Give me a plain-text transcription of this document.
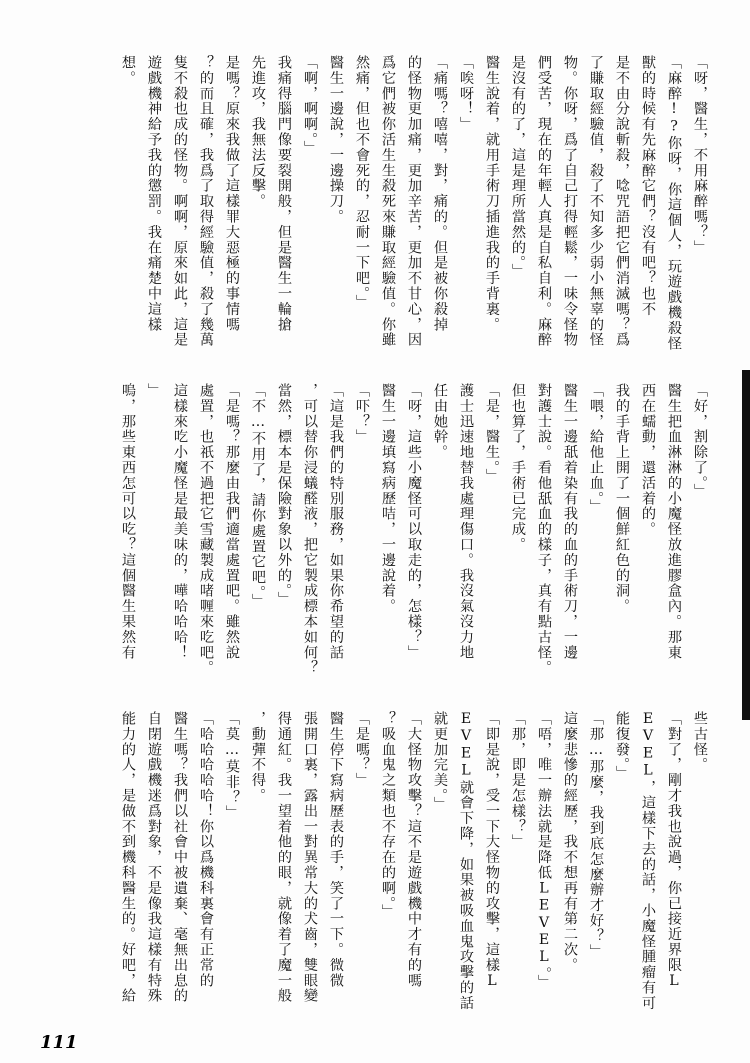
「呀，醫生，不用麻醉嗎？」
「麻醉!?你呀，你這個人，玩遊戲機殺怪
獸的時候有先麻醉它們？沒有吧？也不
是不由分說斬殺，唸咒語把它們消滅嗎？爲
了賺取經驗值，殺了不知多少弱小無辜的怪
物。你呀，爲了自己打得輕鬆，一味令怪物
們受苦，現在的年輕人真是自私自利。麻醉
是沒有的了，這是理所當然的。」
醫生說着，就用手術刀插進我的手背裏。
「唉呀！」
「痛嗎？嘻嘻，對，痛的。但是被你殺掉
的怪物更加痛，更加辛苦，更加不甘心，因
爲它們被你活生生殺死來賺取經驗值。你雖
然痛，但也不會死的，忍耐一下吧。」
醫生一邊說，一邊操刀。
「啊，啊啊。」
我痛得腦門像要裂開般，但是醫生一輪搶
先進攻，我無法反擊。
是嗎？原來我做了這樣罪大惡極的事情嗎
？的而且確，我爲了取得經驗值，殺了幾萬
隻不殺也成的怪物。啊啊，原來如此，這是
遊戲機神給予我的懲罰。我在痛楚中這樣
想。
「好，割除了。」
醫生把血淋淋的小魔怪放進膠盒內。那東
西在蠕動，還活着的。
我的手背上開了一個鮮紅色的洞。
「喂，給他止血。」
醫生一邊舐着染有我的血的手術刀，一邊
對護士說。看他舐血的樣子，真有點古怪。
但也算了，手術已完成。
「是，醫生。」
護士迅速地替我處理傷口。我沒氣沒力地
任由她幹。
「呀，這些小魔怪可以取走的，怎樣？」
醫生一邊填寫病歷咭，一邊說着。
「吓？」
「這是我們的特別服務，如果你希望的話
，可以替你浸蟻醛液，把它製成標本如何？
當然，標本是保險對象以外的。」
「不…不用了，請你處置它吧。」
「是嗎？那麼由我們適當處置吧。雖然說
處置，也祇不過把它雪藏製成啫喱來吃吧。
這樣來吃小魔怪是最美味的，嘩哈哈哈！
」
嗚，那些東西怎可以吃？這個醫生果然有
些古怪。
「對了，剛才我也說過，你已接近界限L
EVEL，這樣下去的話，小魔怪腫瘤有可
能復發。」
「那…那麼，我到底怎麼辦才好？」
這麼悲慘的經歷，我不想再有第二次。
「唔，唯一辦法就是降低LEVEL。」
「那，即是怎樣？」
「即是說，受一下大怪物的攻擊，這樣L
EVEL就會下降，如果被吸血鬼攻擊的話
就更加完美。」
「大怪物攻擊？這不是遊戲機中才有的嗎
？吸血鬼之類也不存在的啊。」
「是嗎？」
醫生停下寫病歷表的手，笑了一下。微微
張開口裏，露出一對異常大的犬齒，雙眼變
得通紅。我一望着他的眼，就像着了魔一般
，動彈不得。
「莫…莫非？」
「哈哈哈哈哈！你以爲機科裏會有正常的
醫生嗎？我們以社會中被遺棄、毫無出息的
自閉遊戲機迷爲對象，不是像我這樣有特殊
能力的人，是做不到機科醫生的。好吧，給
111
